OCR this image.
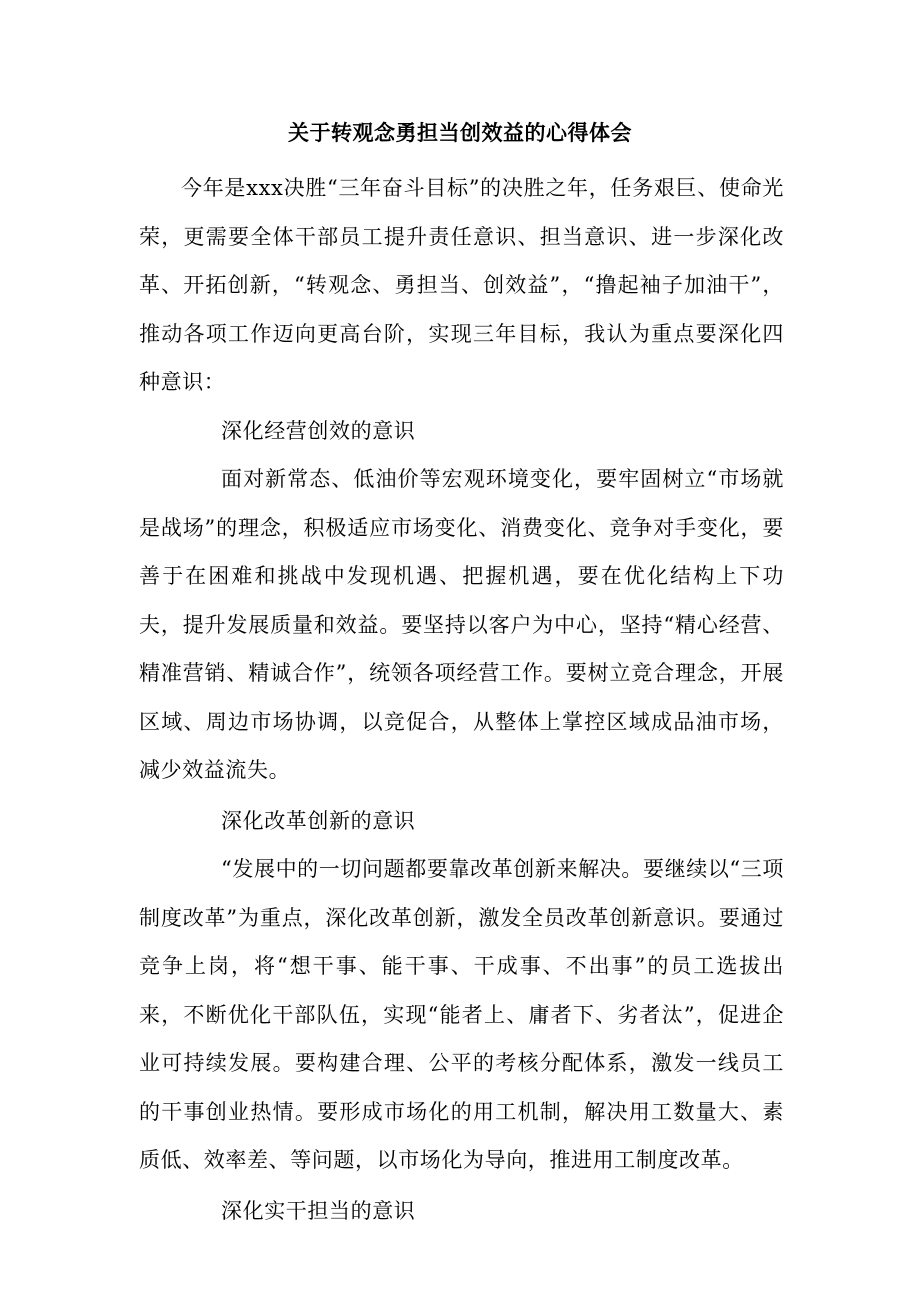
关于转观念勇担当创效益的心得体会

今年是xxx决胜“三年奋斗目标”的决胜之年，任务艰巨、使命光荣，更需要全体干部员工提升责任意识、担当意识、进一步深化改革、开拓创新，“转观念、勇担当、创效益”，“撸起袖子加油干”，推动各项工作迈向更高台阶，实现三年目标，我认为重点要深化四种意识：

深化经营创效的意识

面对新常态、低油价等宏观环境变化，要牢固树立“市场就是战场”的理念，积极适应市场变化、消费变化、竞争对手变化，要善于在困难和挑战中发现机遇、把握机遇，要在优化结构上下功夫，提升发展质量和效益。要坚持以客户为中心，坚持“精心经营、精准营销、精诚合作”，统领各项经营工作。要树立竞合理念，开展区域、周边市场协调，以竞促合，从整体上掌控区域成品油市场，减少效益流失。

深化改革创新的意识

“发展中的一切问题都要靠改革创新来解决。要继续以“三项制度改革”为重点，深化改革创新，激发全员改革创新意识。要通过竞争上岗，将“想干事、能干事、干成事、不出事”的员工选拔出来，不断优化干部队伍，实现“能者上、庸者下、劣者汰”，促进企业可持续发展。要构建合理、公平的考核分配体系，激发一线员工的干事创业热情。要形成市场化的用工机制，解决用工数量大、素质低、效率差、等问题，以市场化为导向，推进用工制度改革。

深化实干担当的意识
